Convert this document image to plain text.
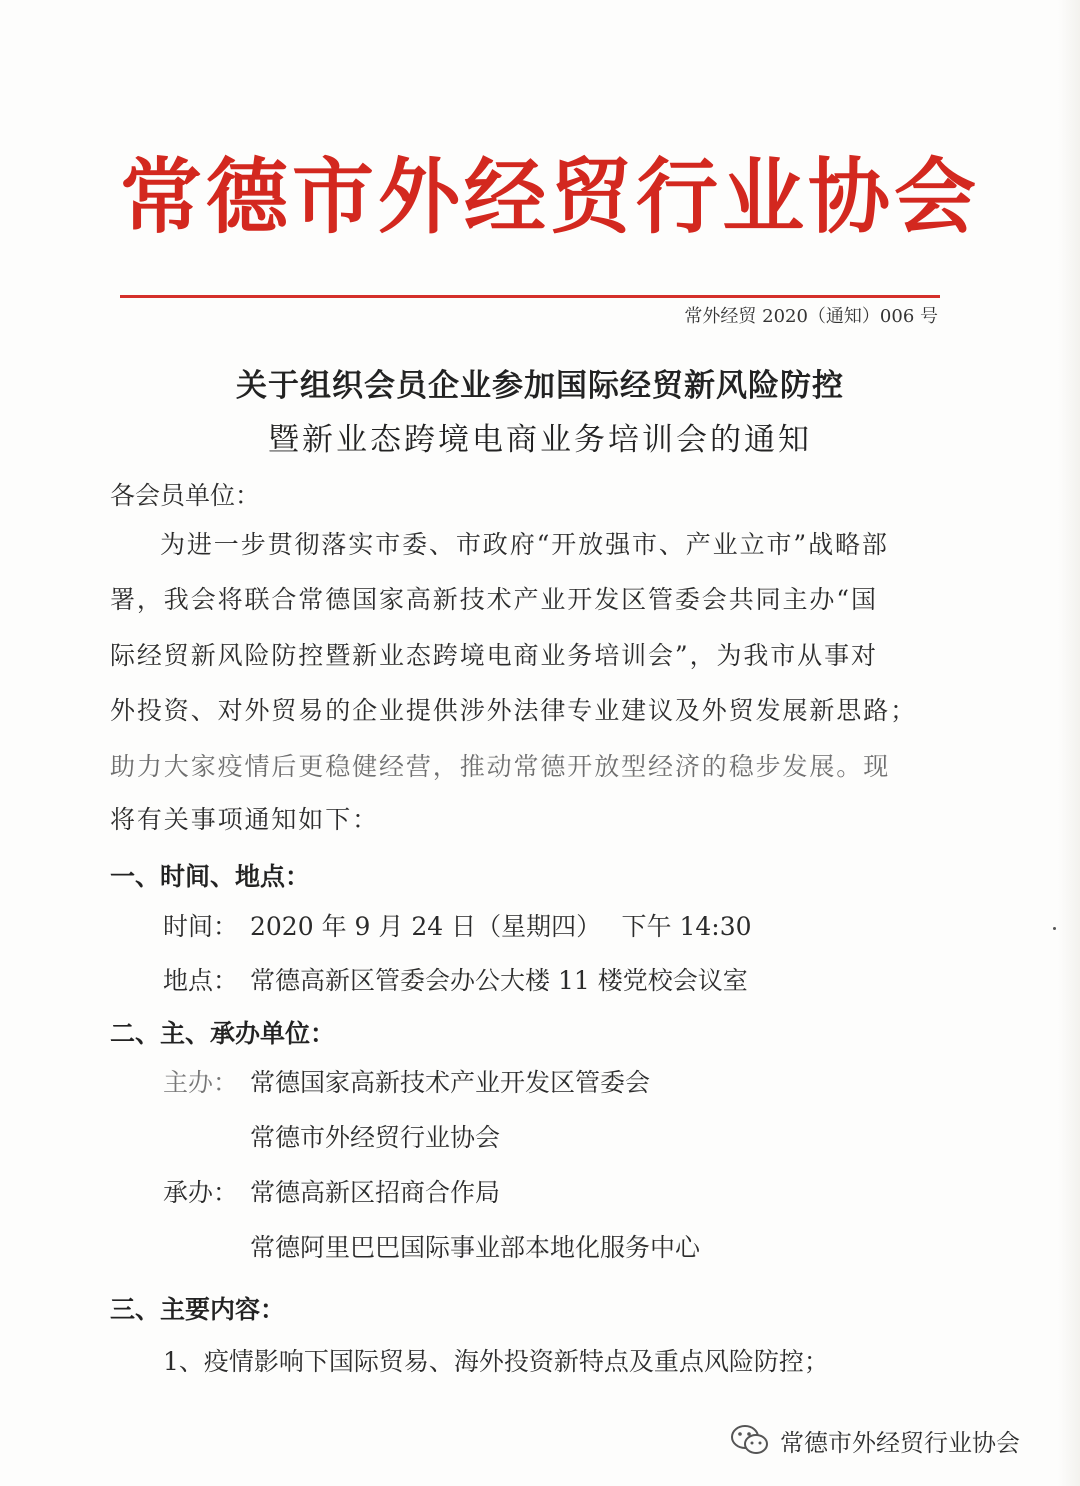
常德市外经贸行业协会
常外经贸 2020（通知）006 号
关于组织会员企业参加国际经贸新风险防控
暨新业态跨境电商业务培训会的通知
各会员单位：
为进一步贯彻落实市委、市政府“开放强市、产业立市”战略部
署，我会将联合常德国家高新技术产业开发区管委会共同主办“国
际经贸新风险防控暨新业态跨境电商业务培训会”，为我市从事对
外投资、对外贸易的企业提供涉外法律专业建议及外贸发展新思路；
助力大家疫情后更稳健经营，推动常德开放型经济的稳步发展。现
将有关事项通知如下：
一、时间、地点：
时间： 2020 年 9 月 24 日（星期四）　 下午 14:30
地点： 常德高新区管委会办公大楼 11 楼党校会议室
二、主、承办单位：
主办： 常德国家高新技术产业开发区管委会
常德市外经贸行业协会
承办： 常德高新区招商合作局
常德阿里巴巴国际事业部本地化服务中心
三、主要内容：
1、疫情影响下国际贸易、海外投资新特点及重点风险防控；
常德市外经贸行业协会
